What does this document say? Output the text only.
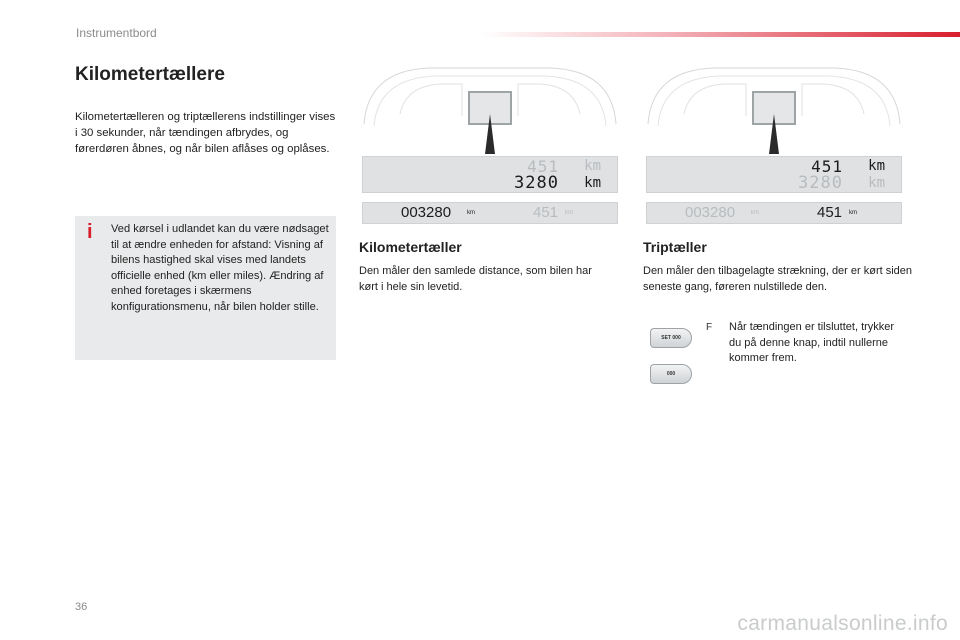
Instrumentbord
Kilometertællere
Kilometertælleren og triptællerens indstillinger vises i 30 sekunder, når tændingen afbrydes, og førerdøren åbnes, og når bilen aflåses og oplåses.
i Ved kørsel i udlandet kan du være nødsaget til at ændre enheden for afstand: Visning af bilens hastighed skal vises med landets officielle enhed (km eller miles). Ændring af enhed foretages i skærmens konfigurationsmenu, når bilen holder stille.
451 km
3280 km
003280	km	451 km
451 km
3280 km
003280	km	451 km
Kilometertæller
Den måler den samlede distance, som bilen har kørt i hele sin levetid.
Triptæller
Den måler den tilbagelagte strækning, der er kørt siden seneste gang, føreren nulstillede den.
SET 000
000
F Når tændingen er tilsluttet, trykker du på denne knap, indtil nullerne kommer frem.
36
carmanualsonline.info
